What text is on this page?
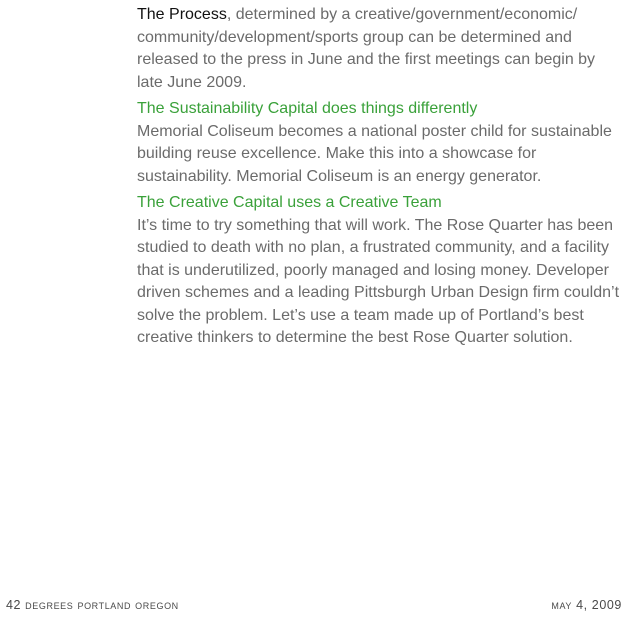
The Process, determined by a creative/government/economic/ community/development/sports group can be determined and released to the press in June and the first meetings can begin by late June 2009.

The Sustainability Capital does things differently

Memorial Coliseum becomes a national poster child for sustainable building reuse excellence. Make this into a showcase for sustainability. Memorial Coliseum is an energy generator.

The Creative Capital uses a Creative Team

It’s time to try something that will work. The Rose Quarter has been studied to death with no plan, a frustrated community, and a facility that is underutilized, poorly managed and losing money. Developer driven schemes and a leading Pittsburgh Urban Design firm couldn’t solve the problem. Let’s use a team made up of Portland’s best creative thinkers to determine the best Rose Quarter solution.

42 degrees portland oregon	may 4, 2009
